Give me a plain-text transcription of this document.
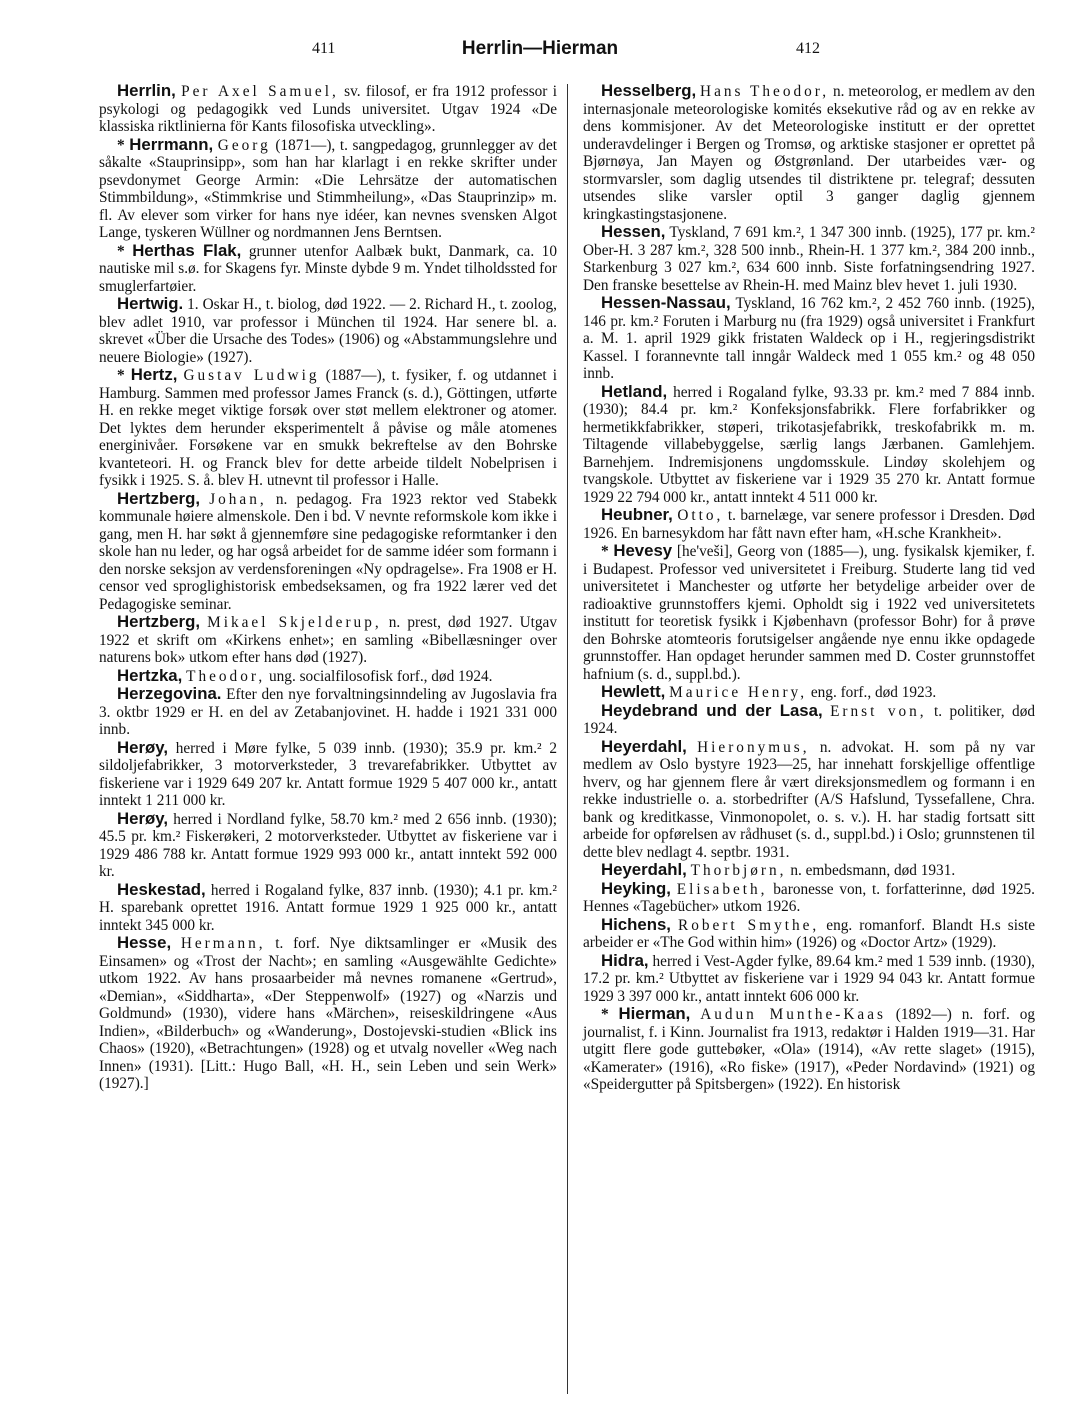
411	Herrlin—Hierman	412
Herrlin, Per Axel Samuel, sv. filosof, er fra 1912 professor i psykologi og pedagogikk ved Lunds universitet. Utgav 1924 «De klassiska riktlinierna för Kants filosofiska utveckling».
* Herrmann, Georg (1871—), t. sangpedagog, grunnlegger av det såkalte «Stauprinsipp», som han har klarlagt i en rekke skrifter under psevdonymet George Armin: «Die Lehrsätze der automatischen Stimmbildung», «Stimmkrise und Stimmheilung», «Das Stauprinzip» m. fl. Av elever som virker for hans nye idéer, kan nevnes svensken Algot Lange, tyskeren Wüllner og nordmannen Jens Berntsen.
* Herthas Flak, grunner utenfor Aalbæk bukt, Danmark, ca. 10 nautiske mil s.ø. for Skagens fyr. Minste dybde 9 m. Yndet tilholdssted for smuglerfartøier.
Hertwig. 1. Oskar H., t. biolog, død 1922. — 2. Richard H., t. zoolog, blev adlet 1910, var professor i München til 1924. Har senere bl. a. skrevet «Über die Ursache des Todes» (1906) og «Abstammungslehre und neuere Biologie» (1927).
* Hertz, Gustav Ludwig (1887—), t. fysiker, f. og utdannet i Hamburg. Sammen med professor James Franck (s. d.), Göttingen, utførte H. en rekke meget viktige forsøk over støt mellem elektroner og atomer. Det lyktes dem herunder eksperimentelt å påvise og måle atomenes energinivåer. Forsøkene var en smukk bekreftelse av den Bohrske kvanteteori. H. og Franck blev for dette arbeide tildelt Nobelprisen i fysikk i 1925. S. å. blev H. utnevnt til professor i Halle.
Hertzberg, Johan, n. pedagog. Fra 1923 rektor ved Stabekk kommunale høiere almenskole. Den i bd. V nevnte reformskole kom ikke i gang, men H. har søkt å gjennemføre sine pedagogiske reformtanker i den skole han nu leder, og har også arbeidet for de samme idéer som formann i den norske seksjon av verdensforeningen «Ny opdragelse». Fra 1908 er H. censor ved sproglighistorisk embedseksamen, og fra 1922 lærer ved det Pedagogiske seminar.
Hertzberg, Mikael Skjelderup, n. prest, død 1927. Utgav 1922 et skrift om «Kirkens enhet»; en samling «Bibellæsninger over naturens bok» utkom efter hans død (1927).
Hertzka, Theodor, ung. socialfilosofisk forf., død 1924.
Herzegovina. Efter den nye forvaltningsinndeling av Jugoslavia fra 3. oktbr 1929 er H. en del av Zetabanjovinet. H. hadde i 1921 331 000 innb.
Herøy, herred i Møre fylke, 5 039 innb. (1930); 35.9 pr. km.² 2 sildoljefabrikker, 3 motorverksteder, 3 trevarefabrikker. Utbyttet av fiskeriene var i 1929 649 207 kr. Antatt formue 1929 5 407 000 kr., antatt inntekt 1 211 000 kr.
Herøy, herred i Nordland fylke, 58.70 km.² med 2 656 innb. (1930); 45.5 pr. km.² Fiskerøkeri, 2 motorverksteder. Utbyttet av fiskeriene var i 1929 486 788 kr. Antatt formue 1929 993 000 kr., antatt inntekt 592 000 kr.
Heskestad, herred i Rogaland fylke, 837 innb. (1930); 4.1 pr. km.² H. sparebank oprettet 1916. Antatt formue 1929 1 925 000 kr., antatt inntekt 345 000 kr.
Hesse, Hermann, t. forf. Nye diktsamlinger er «Musik des Einsamen» og «Trost der Nacht»; en samling «Ausgewählte Gedichte» utkom 1922. Av hans prosaarbeider må nevnes romanene «Gertrud», «Demian», «Siddharta», «Der Steppenwolf» (1927) og «Narzis und Goldmund» (1930), videre hans «Märchen», reiseskildringene «Aus Indien», «Bilderbuch» og «Wanderung», Dostojevski-studien «Blick ins Chaos» (1920), «Betrachtungen» (1928) og et utvalg noveller «Weg nach Innen» (1931). [Litt.: Hugo Ball, «H. H., sein Leben und sein Werk» (1927).]
Hesselberg, Hans Theodor, n. meteorolog, er medlem av den internasjonale meteorologiske komités eksekutive råd og av en rekke av dens kommisjoner. Av det Meteorologiske institutt er der oprettet underavdelinger i Bergen og Tromsø, og arktiske stasjoner er oprettet på Bjørnøya, Jan Mayen og Østgrønland. Der utarbeides vær- og stormvarsler, som daglig utsendes til distriktene pr. telegraf; dessuten utsendes slike varsler optil 3 ganger daglig gjennem kringkastingstasjonene.
Hessen, Tyskland, 7 691 km.², 1 347 300 innb. (1925), 177 pr. km.² Ober-H. 3 287 km.², 328 500 innb., Rhein-H. 1 377 km.², 384 200 innb., Starkenburg 3 027 km.², 634 600 innb. Siste forfatningsendring 1927. Den franske besettelse av Rhein-H. med Mainz blev hevet 1. juli 1930.
Hessen-Nassau, Tyskland, 16 762 km.², 2 452 760 innb. (1925), 146 pr. km.² Foruten i Marburg nu (fra 1929) også universitet i Frankfurt a. M. 1. april 1929 gikk fristaten Waldeck op i H., regjeringsdistrikt Kassel. I forannevnte tall inngår Waldeck med 1 055 km.² og 48 050 innb.
Hetland, herred i Rogaland fylke, 93.33 pr. km.² med 7 884 innb. (1930); 84.4 pr. km.² Konfeksjonsfabrikk. Flere forfabrikker og hermetikkfabrikker, støperi, trikotasjefabrikk, treskofabrikk m. m. Tiltagende villabebyggelse, særlig langs Jærbanen. Gamlehjem. Barnehjem. Indremisjonens ungdomsskule. Lindøy skolehjem og tvangskole. Utbyttet av fiskeriene var i 1929 35 270 kr. Antatt formue 1929 22 794 000 kr., antatt inntekt 4 511 000 kr.
Heubner, Otto, t. barnelæge, var senere professor i Dresden. Død 1926. En barnesykdom har fått navn efter ham, «H.sche Krankheit».
* Hevesy [he'veši], Georg von (1885—), ung. fysikalsk kjemiker, f. i Budapest. Professor ved universitetet i Freiburg. Studerte lang tid ved universitetet i Manchester og utførte her betydelige arbeider over de radioaktive grunnstoffers kjemi. Opholdt sig i 1922 ved universitetets institutt for teoretisk fysikk i Kjøbenhavn (professor Bohr) for å prøve den Bohrske atomteoris forutsigelser angående nye ennu ikke opdagede grunnstoffer. Han opdaget herunder sammen med D. Coster grunnstoffet hafnium (s. d., suppl.bd.).
Hewlett, Maurice Henry, eng. forf., død 1923.
Heydebrand und der Lasa, Ernst von, t. politiker, død 1924.
Heyerdahl, Hieronymus, n. advokat. H. som på ny var medlem av Oslo bystyre 1923—25, har innehatt forskjellige offentlige hverv, og har gjennem flere år vært direksjonsmedlem og formann i en rekke industrielle o. a. storbedrifter (A/S Hafslund, Tyssefallene, Chra. bank og kreditkasse, Vinmonopolet, o. s. v.). H. har stadig fortsatt sitt arbeide for opførelsen av rådhuset (s. d., suppl.bd.) i Oslo; grunnstenen til dette blev nedlagt 4. septbr. 1931.
Heyerdahl, Thorbjørn, n. embedsmann, død 1931.
Heyking, Elisabeth, baronesse von, t. forfatterinne, død 1925. Hennes «Tagebücher» utkom 1926.
Hichens, Robert Smythe, eng. romanforf. Blandt H.s siste arbeider er «The God within him» (1926) og «Doctor Artz» (1929).
Hidra, herred i Vest-Agder fylke, 89.64 km.² med 1 539 innb. (1930), 17.2 pr. km.² Utbyttet av fiskeriene var i 1929 94 043 kr. Antatt formue 1929 3 397 000 kr., antatt inntekt 606 000 kr.
* Hierman, Audun Munthe-Kaas (1892—) n. forf. og journalist, f. i Kinn. Journalist fra 1913, redaktør i Halden 1919—31. Har utgitt flere gode guttebøker, «Ola» (1914), «Av rette slaget» (1915), «Kamerater» (1916), «Ro fiske» (1917), «Peder Nordavind» (1921) og «Speidergutter på Spitsbergen» (1922). En historisk
